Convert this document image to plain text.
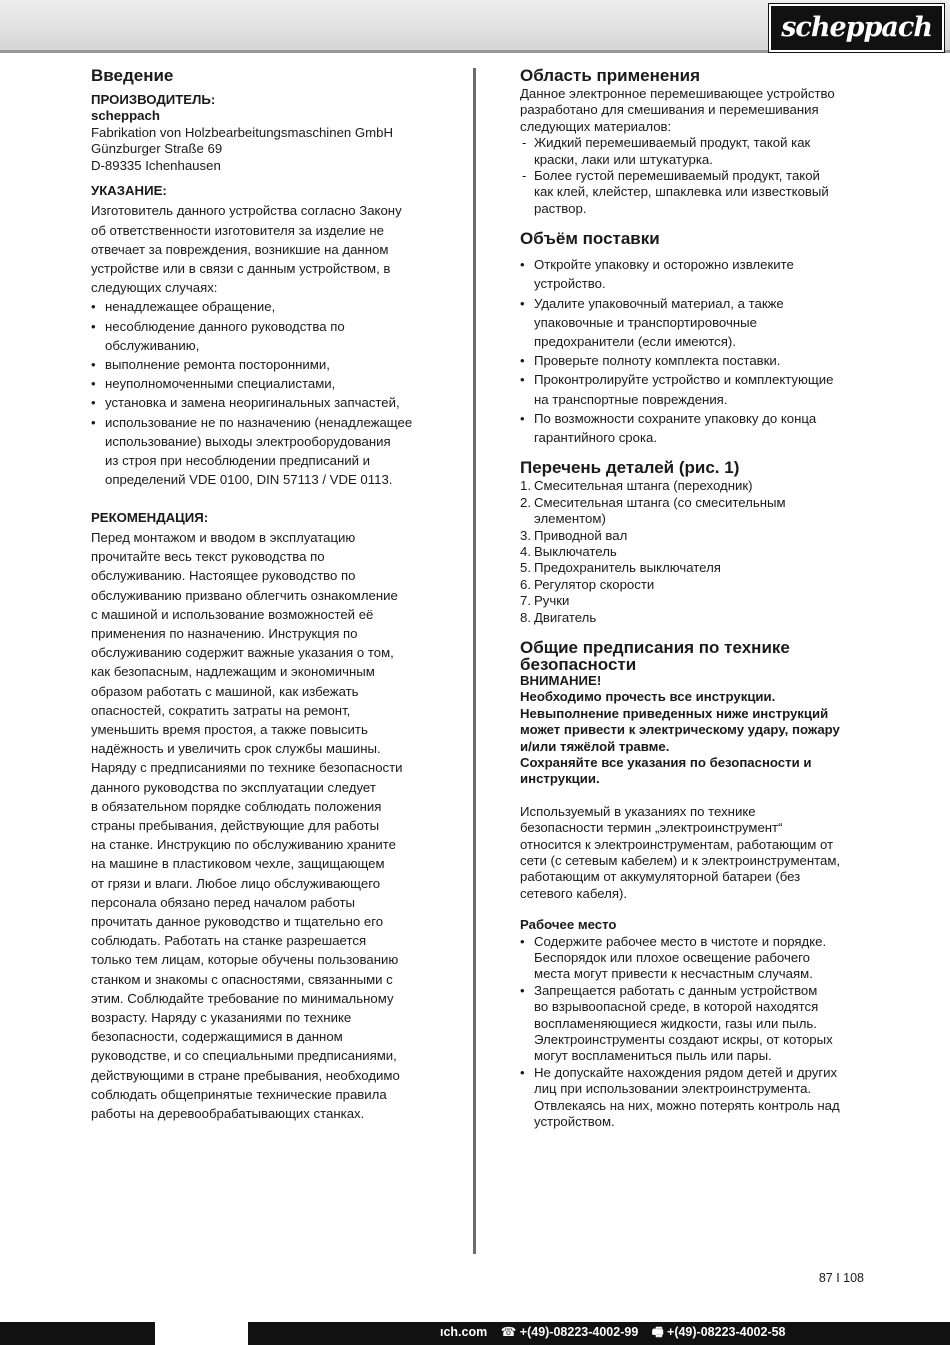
scheppach
Введение
ПРОИЗВОДИТЕЛЬ:
scheppach
Fabrikation von Holzbearbeitungsmaschinen GmbH
Günzburger Straße 69
D-89335 Ichenhausen
УКАЗАНИЕ:
Изготовитель данного устройства согласно Закону
об ответственности изготовителя за изделие не
отвечает за повреждения, возникшие на данном
устройстве или в связи с данным устройством, в
следующих случаях:
• ненадлежащее обращение,
• несоблюдение данного руководства по
обслуживанию,
• выполнение ремонта посторонними,
• неуполномоченными специалистами,
• установка и замена неоригинальных запчастей,
• использование не по назначению (ненадлежащее
использование) выходы электрооборудования
из строя при несоблюдении предписаний и
определений VDE 0100, DIN 57113 / VDE 0113.
РЕКОМЕНДАЦИЯ:
Перед монтажом и вводом в эксплуатацию
прочитайте весь текст руководства по
обслуживанию. Настоящее руководство по
обслуживанию призвано облегчить ознакомление
с машиной и использование возможностей её
применения по назначению. Инструкция по
обслуживанию содержит важные указания о том,
как безопасным, надлежащим и экономичным
образом работать с машиной, как избежать
опасностей, сократить затраты на ремонт,
уменьшить время простоя, а также повысить
надёжность и увеличить срок службы машины.
Наряду с предписаниями по технике безопасности
данного руководства по эксплуатации следует
в обязательном порядке соблюдать положения
страны пребывания, действующие для работы
на станке. Инструкцию по обслуживанию храните
на машине в пластиковом чехле, защищающем
от грязи и влаги. Любое лицо обслуживающего
персонала обязано перед началом работы
прочитать данное руководство и тщательно его
соблюдать. Работать на станке разрешается
только тем лицам, которые обучены пользованию
станком и знакомы с опасностями, связанными с
этим. Соблюдайте требование по минимальному
возрасту. Наряду с указаниями по технике
безопасности, содержащимися в данном
руководстве, и со специальными предписаниями,
действующими в стране пребывания, необходимо
соблюдать общепринятые технические правила
работы на деревообрабатывающих станках.
Область применения
Данное электронное перемешивающее устройство
разработано для смешивания и перемешивания
следующих материалов:
- Жидкий перемешиваемый продукт, такой как
краски, лаки или штукатурка.
- Более густой перемешиваемый продукт, такой
как клей, клейстер, шпаклевка или известковый
раствор.
Объём поставки
• Откройте упаковку и осторожно извлеките
устройство.
• Удалите упаковочный материал, а также
упаковочные и транспортировочные
предохранители (если имеются).
• Проверьте полноту комплекта поставки.
• Проконтролируйте устройство и комплектующие
на транспортные повреждения.
• По возможности сохраните упаковку до конца
гарантийного срока.
Перечень деталей (рис. 1)
1. Смесительная штанга (переходник)
2. Смесительная штанга (со смесительным
элементом)
3. Приводной вал
4. Выключатель
5. Предохранитель выключателя
6. Регулятор скорости
7. Ручки
8. Двигатель
Общие предписания по технике
безопасности
ВНИМАНИЕ!
Необходимо прочесть все инструкции.
Невыполнение приведенных ниже инструкций
может привести к электрическому удару, пожару
и/или тяжёлой травме.
Сохраняйте все указания по безопасности и
инструкции.
Используемый в указаниях по технике
безопасности термин „электроинструмент“
относится к электроинструментам, работающим от
сети (с сетевым кабелем) и к электроинструментам,
работающим от аккумуляторной батареи (без
сетевого кабеля).
Рабочее место
• Содержите рабочее место в чистоте и порядке.
Беспорядок или плохое освещение рабочего
места могут привести к несчастным случаям.
• Запрещается работать с данным устройством
во взрывоопасной среде, в которой находятся
воспламеняющиеся жидкости, газы или пыль.
Электроинструменты создают искры, от которых
могут воспламениться пыль или пары.
• Не допускайте нахождения рядом детей и других
лиц при использовании электроинструмента.
Отвлекаясь на них, можно потерять контроль над
устройством.
87 I 108
ıch.com ☎ +(49)-08223-4002-99 🖷 +(49)-08223-4002-58
